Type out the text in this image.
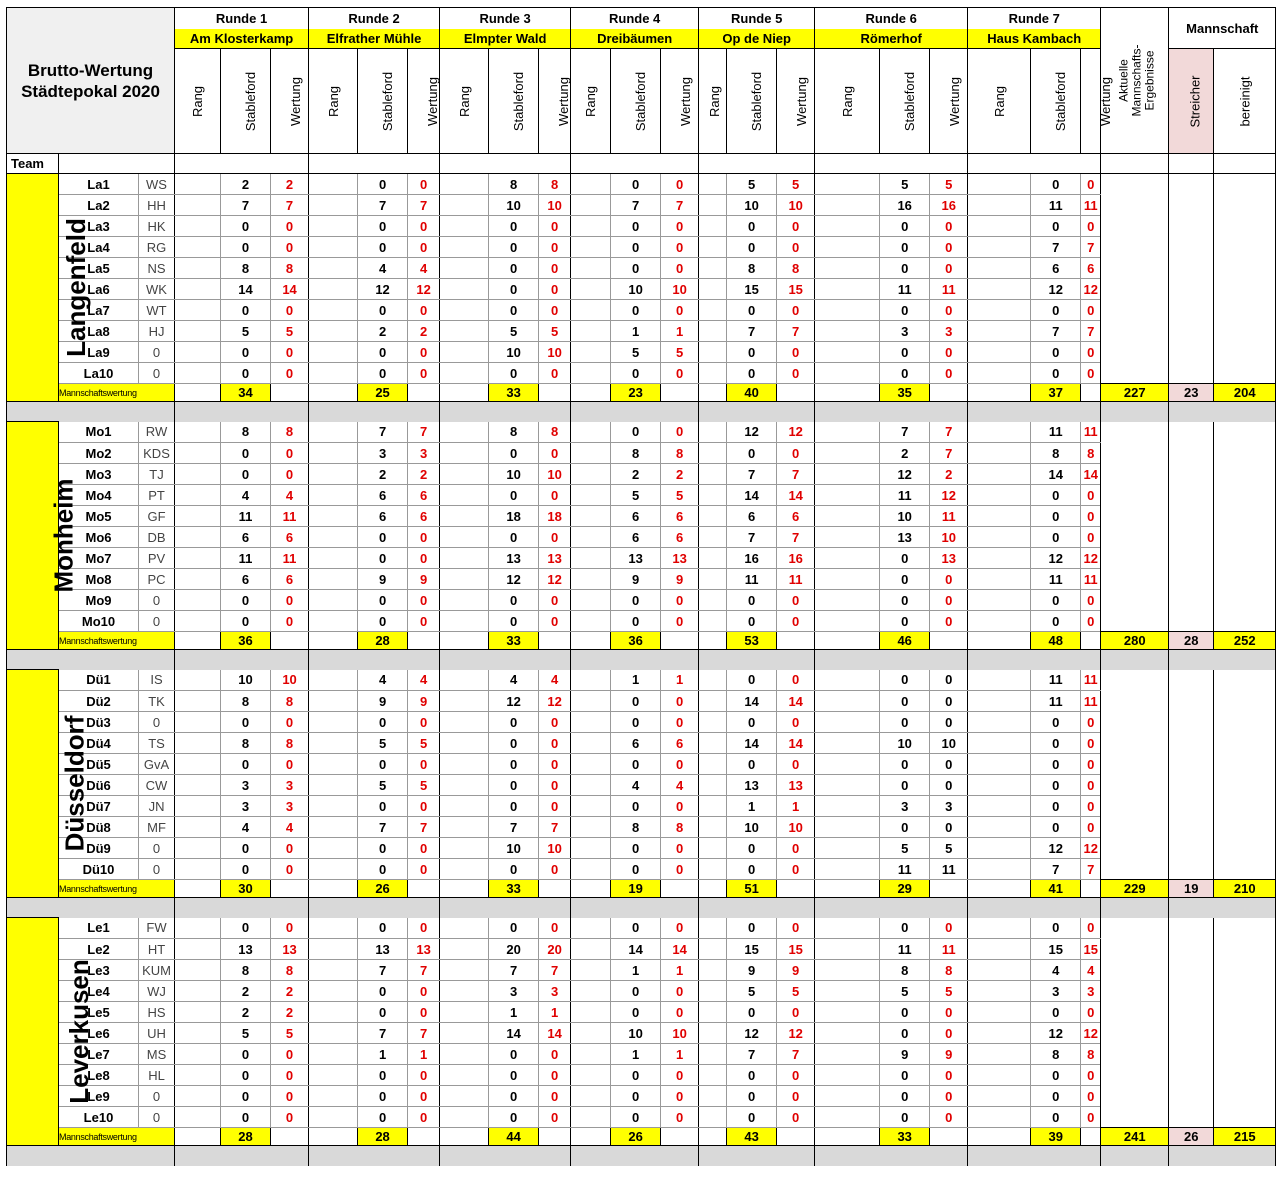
Brutto-Wertung Städtepokal 2020			Runde 1			Runde 2			Runde 3			Runde 4			Runde 5			Runde 6			Runde 7			Aktuelle
Mannschafts-
Ergebnisse	Mannschaft	
			Am Klosterkamp			Elfrather Mühle			Elmpter Wald			Dreibäumen			Op de Niep			Römerhof			Haus Kambach					
			Rang	Stableford	Wertung	Rang	Stableford	Wertung	Rang	Stableford	Wertung	Rang	Stableford	Wertung	Rang	Stableford	Wertung	Rang	Stableford	Wertung	Rang	Stableford	Wertung		Streicher	bereinigt
Team																										
Langenfeld	La1	WS		2	2		0	0		8	8		0	0		5	5		5	5		0	0			
	La2	HH		7	7		7	7		10	10		7	7		10	10		16	16		11	11			
	La3	HK		0	0		0	0		0	0		0	0		0	0		0	0		0	0			
	La4	RG		0	0		0	0		0	0		0	0		0	0		0	0		7	7			
	La5	NS		8	8		4	4		0	0		0	0		8	8		0	0		6	6			
	La6	WK		14	14		12	12		0	0		10	10		15	15		11	11		12	12			
	La7	WT		0	0		0	0		0	0		0	0		0	0		0	0		0	0			
	La8	HJ		5	5		2	2		5	5		1	1		7	7		3	3		7	7			
	La9	0		0	0		0	0		10	10		5	5		0	0		0	0		0	0			
	La10	0		0	0		0	0		0	0		0	0		0	0		0	0		0	0			
	Mannschaftswertung			34			25			33			23			40			35			37		227	23	204

Monheim	Mo1	RW		8	8		7	7		8	8		0	0		12	12		7	7		11	11			
	Mo2	KDS		0	0		3	3		0	0		8	8		0	0		2	7		8	8			
	Mo3	TJ		0	0		2	2		10	10		2	2		7	7		12	2		14	14			
	Mo4	PT		4	4		6	6		0	0		5	5		14	14		11	12		0	0			
	Mo5	GF		11	11		6	6		18	18		6	6		6	6		10	11		0	0			
	Mo6	DB		6	6		0	0		0	0		6	6		7	7		13	10		0	0			
	Mo7	PV		11	11		0	0		13	13		13	13		16	16		0	13		12	12			
	Mo8	PC		6	6		9	9		12	12		9	9		11	11		0	0		11	11			
	Mo9	0		0	0		0	0		0	0		0	0		0	0		0	0		0	0			
	Mo10	0		0	0		0	0		0	0		0	0		0	0		0	0		0	0			
	Mannschaftswertung			36			28			33			36			53			46			48		280	28	252

Düsseldorf	Dü1	IS		10	10		4	4		4	4		1	1		0	0		0	0		11	11			
	Dü2	TK		8	8		9	9		12	12		0	0		14	14		0	0		11	11			
	Dü3	0		0	0		0	0		0	0		0	0		0	0		0	0		0	0			
	Dü4	TS		8	8		5	5		0	0		6	6		14	14		10	10		0	0			
	Dü5	GvA		0	0		0	0		0	0		0	0		0	0		0	0		0	0			
	Dü6	CW		3	3		5	5		0	0		4	4		13	13		0	0		0	0			
	Dü7	JN		3	3		0	0		0	0		0	0		1	1		3	3		0	0			
	Dü8	MF		4	4		7	7		7	7		8	8		10	10		0	0		0	0			
	Dü9	0		0	0		0	0		10	10		0	0		0	0		5	5		12	12			
	Dü10	0		0	0		0	0		0	0		0	0		0	0		11	11		7	7			
	Mannschaftswertung			30			26			33			19			51			29			41		229	19	210

Leverkusen	Le1	FW		0	0		0	0		0	0		0	0		0	0		0	0		0	0			
	Le2	HT		13	13		13	13		20	20		14	14		15	15		11	11		15	15			
	Le3	KUM		8	8		7	7		7	7		1	1		9	9		8	8		4	4			
	Le4	WJ		2	2		0	0		3	3		0	0		5	5		5	5		3	3			
	Le5	HS		2	2		0	0		1	1		0	0		0	0		0	0		0	0			
	Le6	UH		5	5		7	7		14	14		10	10		12	12		0	0		12	12			
	Le7	MS		0	0		1	1		0	0		1	1		7	7		9	9		8	8			
	Le8	HL		0	0		0	0		0	0		0	0		0	0		0	0		0	0			
	Le9	0		0	0		0	0		0	0		0	0		0	0		0	0		0	0			
	Le10	0		0	0		0	0		0	0		0	0		0	0		0	0		0	0			
	Mannschaftswertung			28			28			44			26			43			33			39		241	26	215
